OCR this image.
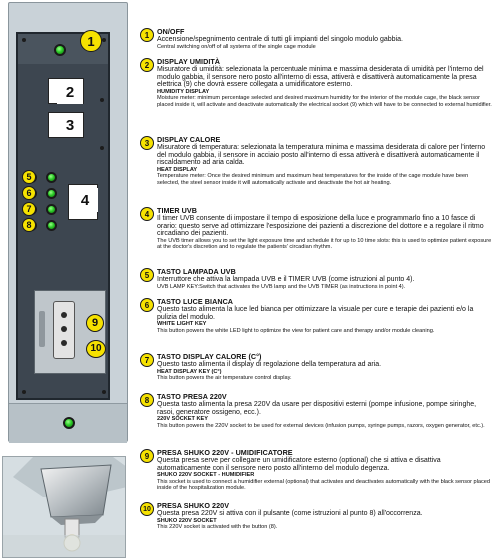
1
2
3
4
5
6
7
8
9
10
1	ON/OFF
Accensione/spegnimento centrale di tutti gli impianti del singolo modulo gabbia.
Central switching on/off of all systems of the single cage module
2	DISPLAY UMIDITÀ
Misuratore di umidità: selezionata la percentuale minima e massima desiderata di umidità per l'interno del modulo gabbia, il sensore nero posto all'interno di essa, attiverà e disattiverà automaticamente la presa elettrica (9) che dovrà essere collegata a umidificatore esterno.
HUMIDITY DISPLAY
Moisture meter: minimum percentage selected and desired maximum humidity for the interior of the module cage, the black sensor placed inside it, will activate and deactivate automatically the electrical socket (9) which will have to be connected to external humidifier.
3	DISPLAY CALORE
Misuratore di temperatura: selezionata la temperatura minima e massima desiderata di calore per l'interno del modulo gabbia, il sensore in acciaio posto all'interno di essa attiverà e disattiverà automaticamente il riscaldamento ad aria calda.
HEAT DISPLAY
Temperature meter: Once the desired minimum and maximum heat temperatures for the inside of the cage module have been selected, the steel sensor inside it will automatically activate and deactivate the hot air heating.
4	TIMER UVB
Il timer UVB consente di impostare il tempo di esposizione della luce e programmarlo fino a 10 fasce di orario: questo serve ad ottimizzare l'esposizione dei pazienti a discrezione del dottore e a regolare il ritmo circadiano dei pazienti.
The UVB timer allows you to set the light exposure time and schedule it for up to 10 time slots: this is used to optimize patient exposure at the doctor's discretion and to regulate the patients' circadian rhythm.
5	TASTO LAMPADA UVB
Interruttore che attiva la lampada UVB e il TIMER UVB (come istruzioni al punto 4).
UVB LAMP KEY:Switch that activates the UVB lamp and the UVB TIMER (as instructions in point 4).
6	TASTO LUCE BIANCA
Questo tasto alimenta la luce led bianca per ottimizzare la visuale per cure e terapie dei pazienti e/o la pulizia del modulo.
WHITE LIGHT KEY
This button powers the white LED light to optimize the view for patient care and therapy and/or module cleaning.
7	TASTO DISPLAY CALORE (C°)
Questo tasto alimenta il display di regolazione della temperatura ad aria.
HEAT DISPLAY KEY (C°)
This button powers the air temperature control display.
8	TASTO PRESA 220V
Questa tasto alimenta la presa 220V da usare per dispositivi esterni (pompe infusione, pompe siringhe, rasoi, generatore ossigeno, ecc.).
220V SOCKET KEY
This button powers the 220V socket to be used for external devices (infusion pumps, syringe pumps, razors, oxygen generator, etc.).
9	PRESA SHUKO 220V - UMIDIFICATORE
Questa presa serve per collegare un umidificatore esterno (optional) che si attiva e disattiva automaticamente con il sensore nero posto all'interno del modulo degenza.
SHUKO 220V SOCKET - HUMIDIFIER
This socket is used to connect a humidifier external (optional) that activates and deactivates automatically with the black sensor placed inside of the hospitalization module.
10 PRESA SHUKO 220V
Questa presa 220V si attiva con il pulsante (come istruzioni al punto 8) all'occorrenza.
SHUKO 220V SOCKET
This 220V socket is activated with the button (8).
